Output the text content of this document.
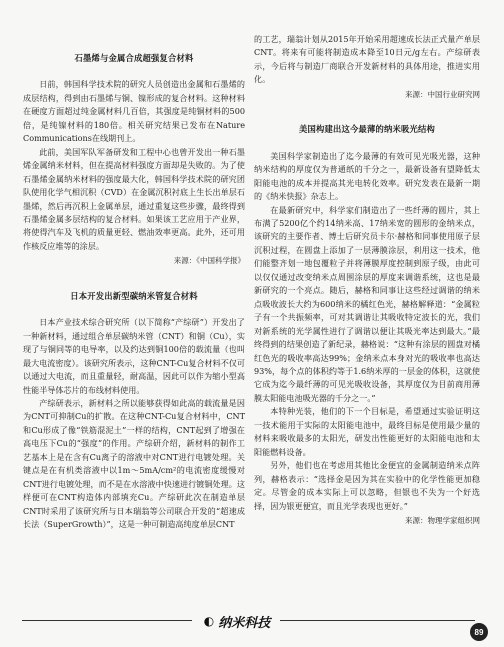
石墨烯与金属合成超强复合材料

日前，韩国科学技术院的研究人员创造出金属和石墨烯的成层结构，得到由石墨烯与铜、镍形成的复合材料。这种材料在硬度方面超过纯金属材料几百倍，其强度是纯铜材料的500倍，是纯镍材料的180倍。相关研究结果已发布在Nature Communications在线期刊上。

此前，美国军队军备研发和工程中心也曾开发出一种石墨烯金属纳米材料，但在提高材料强度方面却是失败的。为了使石墨烯金属纳米材料的强度最大化，韩国科学技术院的研究团队使用化学气相沉积（CVD）在金属沉积衬底上生长出单层石墨烯，然后再沉积上金属单层，通过重复这些步骤，最终得到石墨烯金属多层结构的复合材料。如果该工艺应用于产业界，将使得汽车及飞机的质量更轻、燃油效率更高。此外，还可用作核反应堆等的涂层。

来源：《中国科学报》
日本开发出新型碳纳米管复合材料

日本产业技术综合研究所（以下简称“产综研”）开发出了一种新材料，通过组合单层碳纳米管（CNT）和铜（Cu），实现了与铜同等的电导率，以及约达到铜100倍的载流量（也叫最大电流密度）。该研究所表示，这种CNT-Cu复合材料不仅可以通过大电流，而且重量轻，耐高温，因此可以作为缩小型高性能半导体芯片的布线材料使用。

产综研表示，新材料之所以能够获得如此高的载流量是因为CNT可抑制Cu的扩散。在这种CNT-Cu复合材料中，CNT和Cu形成了像“铁筋混泥土”一样的结构，CNT起到了增强在高电压下Cu的“强度”的作用。产综研介绍，新材料的制作工艺基本上是在含有Cu离子的溶液中对CNT进行电镀处理。关键点是在有机类溶液中以1m～5mA/cm²的电流密度缓慢对CNT进行电镀处理，而不是在水溶液中快速进行镀铜处理。这样便可在CNT构造体内部填充Cu。产综研此次在制造单层CNT时采用了该研究所与日本瑞翁等公司联合开发的“超速成长法（SuperGrowth）”，这是一种可制造高纯度单层CNT

的工艺，瑞翁计划从2015年开始采用超速成长法正式量产单层CNT。将来有可能将制造成本降至10日元/g左右。产综研表示，今后将与制造厂商联合开发新材料的具体用途，推进实用化。

来源：中国行业研究网
美国构建出这今最薄的纳米吸光结构

美国科学家制造出了迄今最薄的有效可见光吸光器，这种纳米结构的厚度仅为普通纸的千分之一，最新设备有望降低太阳能电池的成本并提高其光电转化效率。研究发表在最新一期的《纳米快报》杂志上。

在最新研究中，科学家们制造出了一些纤薄的圆片，其上布满了5200亿个约14纳米高、17纳米宽的圆形的金纳米点，该研究的主要作者、博士后研究员卡尔·赫格和同事使用原子层沉积过程，在圆盘上添加了一层薄膜涂层，利用这一技术，他们能整齐划一地包覆粒子并将薄膜厚度控制到原子级，由此可以仅仅通过改变纳米点周围涂层的厚度来调谐系统，这也是最新研究的一个亮点。随后，赫格和同事让这些经过调谐的纳米点吸收波长大约为600纳米的橘红色光，赫格解释道：“金属粒子有一个共振频率，可对其调谐让其吸收特定波长的光，我们对新系统的光学属性进行了调谐以便让其吸光率达到最大。”最终得到的结果创造了新纪录，赫格说：“这种有涂层的圆盘对橘红色光的吸收率高达99%；金纳米点本身对光的吸收率也高达93%，每个点的体积约等于1.6纳米厚的一层金的体积，这就使它成为迄今最纤薄的可见光吸收设备，其厚度仅为目前商用薄膜太阳能电池吸光器的千分之一。”

本特种光装，他们的下一个目标是，希望通过实验证明这一技术能用于实际的太阳能电池中，最终目标是使用最少量的材料来吸收最多的太阳光，研发出性能更好的太阳能电池和太阳能燃料设备。

另外，他们也在考虑用其他比金便宜的金属制造纳米点阵列，赫格表示：“选择金是因为其在实验中的化学性能更加稳定。尽管金的成本实际上可以忽略，但银也不失为一个好选择，因为银更便宜，而且光学表现也更好。”

来源：物理学家组织网
◐ 纳米科技
89
